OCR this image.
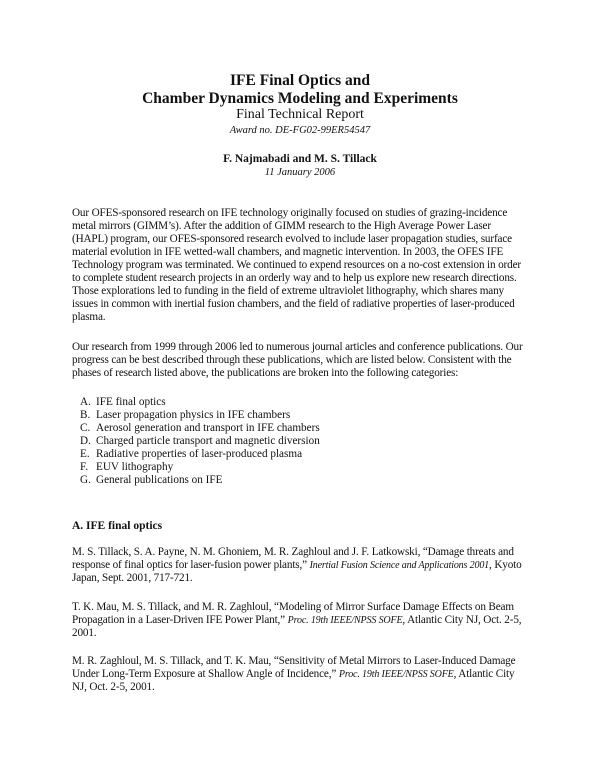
IFE Final Optics and
Chamber Dynamics Modeling and Experiments
Final Technical Report
Award no. DE-FG02-99ER54547
F. Najmabadi and M. S. Tillack
11 January 2006
Our OFES-sponsored research on IFE technology originally focused on studies of grazing-incidence metal mirrors (GIMM’s). After the addition of GIMM research to the High Average Power Laser (HAPL) program, our OFES-sponsored research evolved to include laser propagation studies, surface material evolution in IFE wetted-wall chambers, and magnetic intervention. In 2003, the OFES IFE Technology program was terminated. We continued to expend resources on a no-cost extension in order to complete student research projects in an orderly way and to help us explore new research directions. Those explorations led to funding in the field of extreme ultraviolet lithography, which shares many issues in common with inertial fusion chambers, and the field of radiative properties of laser-produced plasma.
Our research from 1999 through 2006 led to numerous journal articles and conference publications. Our progress can be best described through these publications, which are listed below. Consistent with the phases of research listed above, the publications are broken into the following categories:
A. IFE final optics
B. Laser propagation physics in IFE chambers
C. Aerosol generation and transport in IFE chambers
D. Charged particle transport and magnetic diversion
E. Radiative properties of laser-produced plasma
F. EUV lithography
G. General publications on IFE
A. IFE final optics
M. S. Tillack, S. A. Payne, N. M. Ghoniem, M. R. Zaghloul and J. F. Latkowski, “Damage threats and response of final optics for laser-fusion power plants,” Inertial Fusion Science and Applications 2001, Kyoto Japan, Sept. 2001, 717-721.
T. K. Mau, M. S. Tillack, and M. R. Zaghloul, “Modeling of Mirror Surface Damage Effects on Beam Propagation in a Laser-Driven IFE Power Plant,” Proc. 19th IEEE/NPSS SOFE, Atlantic City NJ, Oct. 2-5, 2001.
M. R. Zaghloul, M. S. Tillack, and T. K. Mau, “Sensitivity of Metal Mirrors to Laser-Induced Damage Under Long-Term Exposure at Shallow Angle of Incidence,” Proc. 19th IEEE/NPSS SOFE, Atlantic City NJ, Oct. 2-5, 2001.
